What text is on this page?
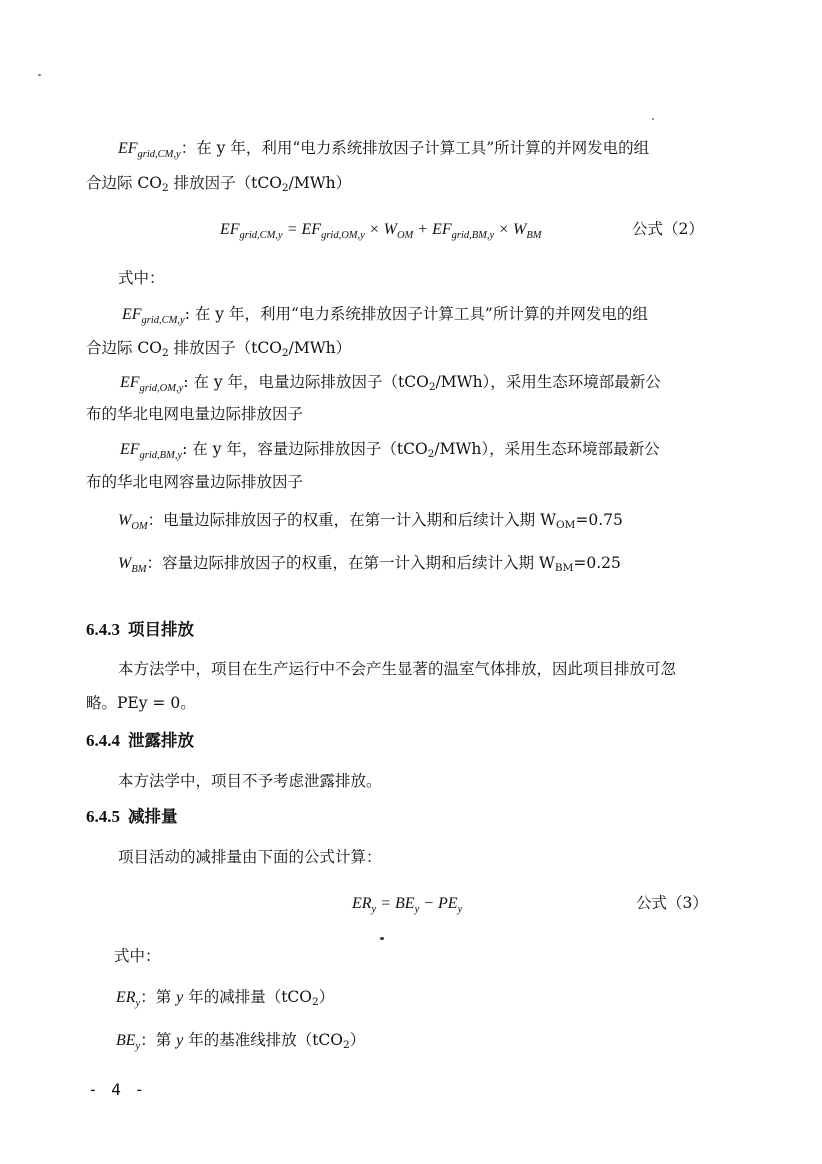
$EF_{grid,CM,y}$：在 y 年，利用“电力系统排放因子计算工具”所计算的并网发电的组
合边际 CO2 排放因子（tCO2/MWh）
$EF_{grid,CM,y} = EF_{grid,OM,y} \times W_{OM} + EF_{grid,BM,y} \times W_{BM}$	公式（2）
式中：
$EF_{grid,CM,y}$: 在 y 年，利用“电力系统排放因子计算工具”所计算的并网发电的组
合边际 CO2 排放因子（tCO2/MWh）
$EF_{grid,OM,y}$: 在 y 年，电量边际排放因子（tCO2/MWh），采用生态环境部最新公
布的华北电网电量边际排放因子
$EF_{grid,BM,y}$: 在 y 年，容量边际排放因子（tCO2/MWh），采用生态环境部最新公
布的华北电网容量边际排放因子
$W_{OM}$：电量边际排放因子的权重，在第一计入期和后续计入期 WOM=0.75
$W_{BM}$：容量边际排放因子的权重，在第一计入期和后续计入期 WBM=0.25
6.4.3 项目排放
本方法学中，项目在生产运行中不会产生显著的温室气体排放，因此项目排放可忽
略。PEy = 0。
6.4.4 泄露排放
本方法学中，项目不予考虑泄露排放。
6.4.5 减排量
项目活动的减排量由下面的公式计算：
$ER_y = BE_y - PE_y$	公式（3）
式中：
$ER_y$：第 y 年的减排量（tCO2）
$BE_y$：第 y 年的基准线排放（tCO2）
- 4 -
